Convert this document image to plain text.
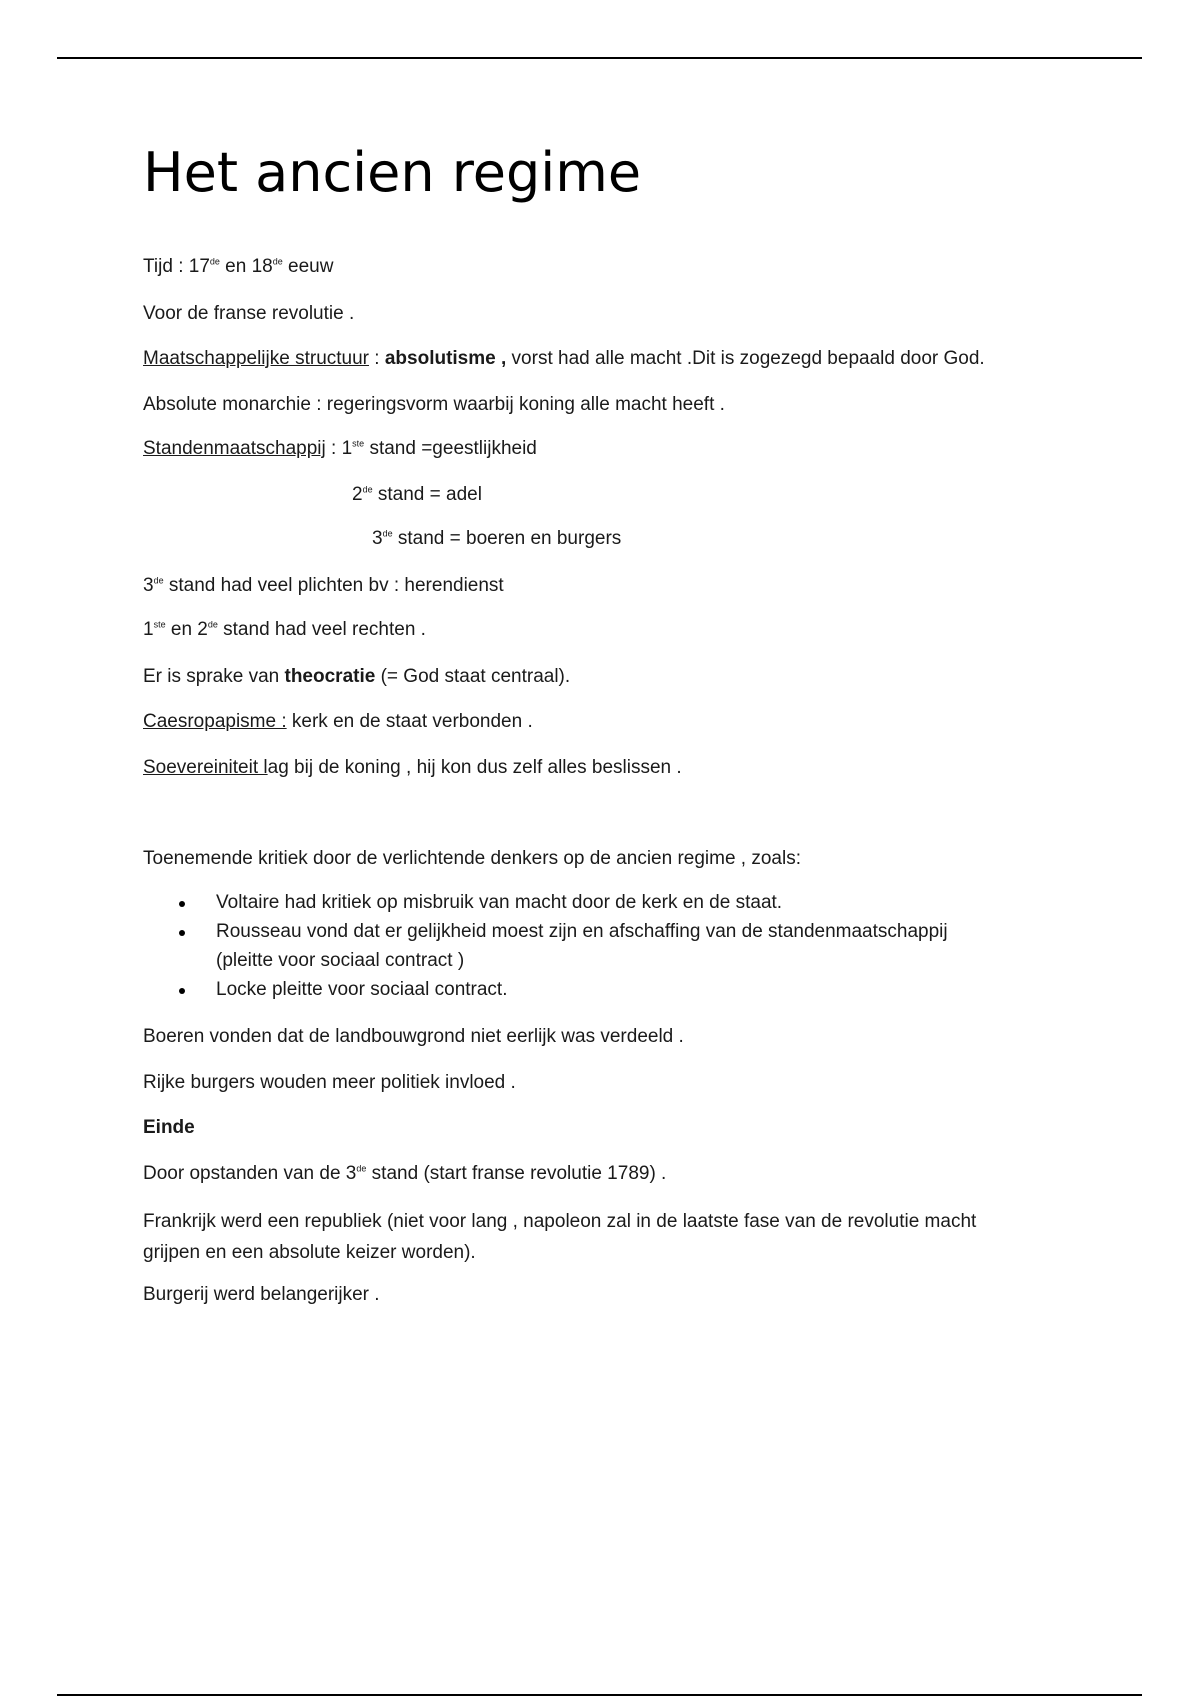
Het ancien regime

Tijd : 17de en 18de eeuw

Voor de franse revolutie .

Maatschappelijke structuur : absolutisme , vorst had alle macht .Dit is zogezegd bepaald door God.

Absolute monarchie : regeringsvorm waarbij koning alle macht heeft .

Standenmaatschappij : 1ste stand =geestlijkheid

2de stand = adel

3de stand = boeren en burgers

3de stand had veel plichten bv : herendienst

1ste en 2de stand had veel rechten .

Er is sprake van theocratie (= God staat centraal).

Caesropapisme : kerk en de staat verbonden .

Soevereiniteit lag bij de koning , hij kon dus zelf alles beslissen .

Toenemende kritiek door de verlichtende denkers op de ancien regime , zoals:

Voltaire had kritiek op misbruik van macht door de kerk en de staat.
Rousseau vond dat er gelijkheid moest zijn en afschaffing van de standenmaatschappij
(pleitte voor sociaal contract )
Locke pleitte voor sociaal contract.

Boeren vonden dat de landbouwgrond niet eerlijk was verdeeld .

Rijke burgers wouden meer politiek invloed .

Einde

Door opstanden van de 3de stand (start franse revolutie 1789) .

Frankrijk werd een republiek (niet voor lang , napoleon zal in de laatste fase van de revolutie macht
grijpen en een absolute keizer worden).

Burgerij werd belangerijker .
